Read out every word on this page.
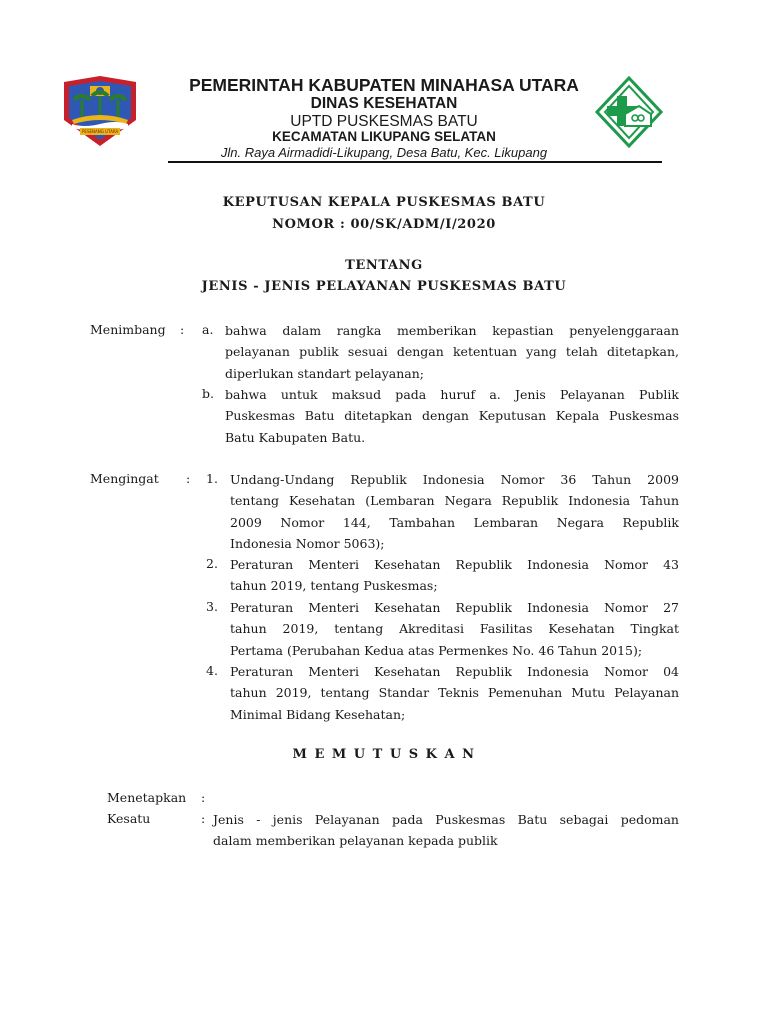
PESENANG UTARA
PEMERINTAH KABUPATEN MINAHASA UTARA
DINAS KESEHATAN
UPTD PUSKESMAS BATU
KECAMATAN LIKUPANG SELATAN
Jln. Raya Airmadidi-Likupang, Desa Batu, Kec. Likupang
KEPUTUSAN KEPALA PUSKESMAS BATU
NOMOR : 00/SK/ADM/I/2020
TENTANG
JENIS - JENIS PELAYANAN PUSKESMAS BATU
Menimbang : a. bahwa dalam rangka memberikan kepastian penyelenggaraan
pelayanan publik sesuai dengan ketentuan yang telah ditetapkan,
diperlukan standart pelayanan;
b. bahwa untuk maksud pada huruf a. Jenis Pelayanan Publik
Puskesmas Batu ditetapkan dengan Keputusan Kepala Puskesmas
Batu Kabupaten Batu.
Mengingat : 1. Undang-Undang Republik Indonesia Nomor 36 Tahun 2009
tentang Kesehatan (Lembaran Negara Republik Indonesia Tahun
2009 Nomor 144, Tambahan Lembaran Negara Republik
Indonesia Nomor 5063);
2. Peraturan Menteri Kesehatan Republik Indonesia Nomor 43
tahun 2019, tentang Puskesmas;
3. Peraturan Menteri Kesehatan Republik Indonesia Nomor 27
tahun 2019, tentang Akreditasi Fasilitas Kesehatan Tingkat
Pertama (Perubahan Kedua atas Permenkes No. 46 Tahun 2015);
4. Peraturan Menteri Kesehatan Republik Indonesia Nomor 04
tahun 2019, tentang Standar Teknis Pemenuhan Mutu Pelayanan
Minimal Bidang Kesehatan;
M E M U T U S K A N
Menetapkan :
Kesatu	: Jenis - jenis Pelayanan pada Puskesmas Batu sebagai pedoman
dalam memberikan pelayanan kepada publik
